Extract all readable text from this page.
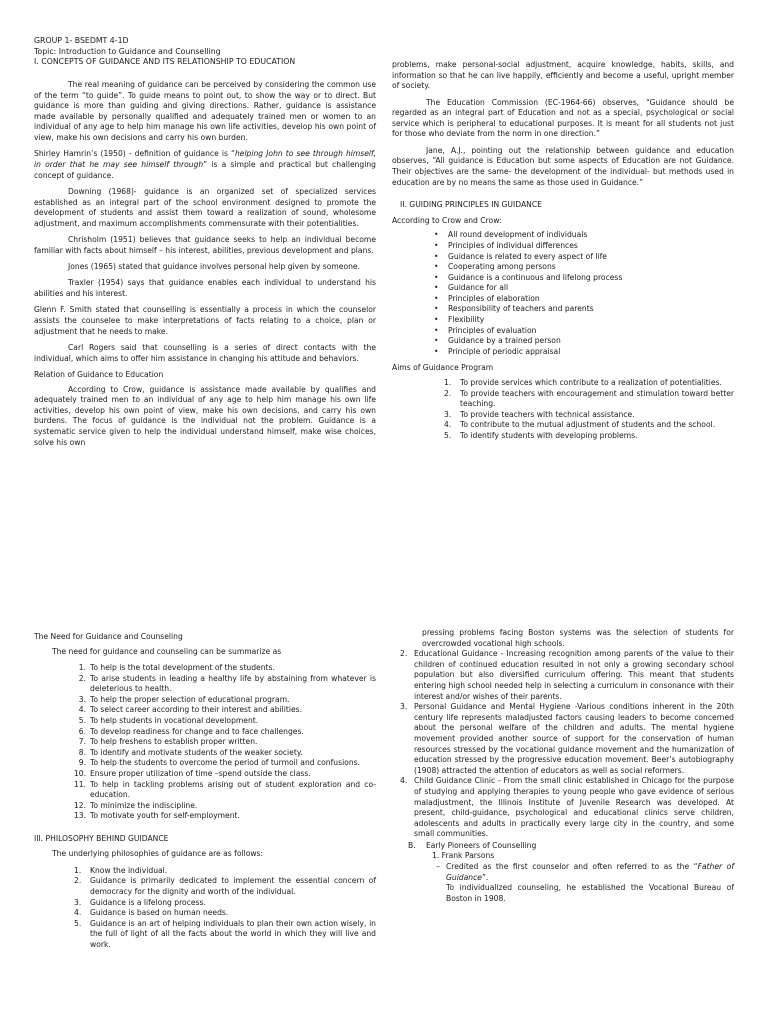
GROUP 1- BSEDMT 4-1D
Topic: Introduction to Guidance and Counselling
I. CONCEPTS OF GUIDANCE AND ITS RELATIONSHIP TO EDUCATION

The real meaning of guidance can be perceived by considering the common use of the term “to guide”. To guide means to point out, to show the way or to direct. But guidance is more than guiding and giving directions. Rather, guidance is assistance made available by personally qualified and adequately trained men or women to an individual of any age to help him manage his own life activities, develop his own point of view, make his own decisions and carry his own burden.

Shirley Hamrin’s (1950) - definition of guidance is “helping John to see through himself, in order that he may see himself through” is a simple and practical but challenging concept of guidance.

Downing (1968)- guidance is an organized set of specialized services established as an integral part of the school environment designed to promote the development of students and assist them toward a realization of sound, wholesome adjustment, and maximum accomplishments commensurate with their potentialities.

Chrisholm (1951) believes that guidance seeks to help an individual become familiar with facts about himself – his interest, abilities, previous development and plans.

Jones (1965) stated that guidance involves personal help given by someone.

Traxler (1954) says that guidance enables each individual to understand his abilities and his interest.

Glenn F. Smith stated that counselling is essentially a process in which the counselor assists the counselee to make interpretations of facts relating to a choice, plan or adjustment that he needs to make.

Carl Rogers said that counselling is a series of direct contacts with the individual, which aims to offer him assistance in changing his attitude and behaviors.

Relation of Guidance to Education

According to Crow, guidance is assistance made available by qualifies and adequately trained men to an individual of any age to help him manage his own life activities, develop his own point of view, make his own decisions, and carry his own burdens. The focus of guidance is the individual not the problem. Guidance is a systematic service given to help the individual understand himself, make wise choices, solve his own

problems, make personal-social adjustment, acquire knowledge, habits, skills, and information so that he can live happily, efficiently and become a useful, upright member of society.

The Education Commission (EC-1964-66) observes, “Guidance should be regarded as an integral part of Education and not as a special, psychological or social service which is peripheral to educational purposes. It is meant for all students not just for those who deviate from the norm in one direction.”

Jane, A.J., pointing out the relationship between guidance and education observes, “All guidance is Education but some aspects of Education are not Guidance. Their objectives are the same- the development of the individual- but methods used in education are by no means the same as those used in Guidance.”

II. GUIDING PRINCIPLES IN GUIDANCE
According to Crow and Crow:
• All round development of individuals
• Principles of individual differences
• Guidance is related to every aspect of life
• Cooperating among persons
• Guidance is a continuous and lifelong process
• Guidance for all
• Principles of elaboration
• Responsibility of teachers and parents
• Flexibility
• Principles of evaluation
• Guidance by a trained person
• Principle of periodic appraisal
Aims of Guidance Program
1. To provide services which contribute to a realization of potentialities.
2. To provide teachers with encouragement and stimulation toward better teaching.
3. To provide teachers with technical assistance.
4. To contribute to the mutual adjustment of students and the school.
5. To identify students with developing problems.
The Need for Guidance and Counseling

The need for guidance and counseling can be summarize as

1. To help is the total development of the students.
2. To arise students in leading a healthy life by abstaining from whatever is deleterious to health.
3. To help the proper selection of educational program.
4. To select career according to their interest and abilities.
5. To help students in vocational development.
6. To develop readiness for change and to face challenges.
7. To help freshens to establish proper written.
8. To identify and motivate students of the weaker society.
9. To help the students to overcome the period of turmoil and confusions.
10. Ensure proper utilization of time –spend outside the class.
11. To help in tackling problems arising out of student exploration and co-education.
12. To minimize the indiscipline.
13. To motivate youth for self-employment.
III. PHILOSOPHY BEHIND GUIDANCE

The underlying philosophies of guidance are as follows:

1. Know the individual.
2. Guidance is primarily dedicated to implement the essential concern of democracy for the dignity and worth of the individual.
3. Guidance is a lifelong process.
4. Guidance is based on human needs.
5. Guidance is an art of helping individuals to plan their own action wisely, in the full of light of all the facts about the world in which they will live and work.
pressing problems facing Boston systems was the selection of students for overcrowded vocational high schools.
2. Educational Guidance - Increasing recognition among parents of the value to their children of continued education resulted in not only a growing secondary school population but also diversified curriculum offering. This meant that students entering high school needed help in selecting a curriculum in consonance with their interest and/or wishes of their parents.
3. Personal Guidance and Mental Hygiene -Various conditions inherent in the 20th century life represents maladjusted factors causing leaders to become concerned about the personal welfare of the children and adults. The mental hygiene movement provided another source of support for the conservation of human resources stressed by the vocational guidance movement and the humanization of education stressed by the progressive education movement. Beer’s autobiography (1908) attracted the attention of educators as well as social reformers.
4. Child Guidance Clinic - From the small clinic established in Chicago for the purpose of studying and applying therapies to young people who gave evidence of serious maladjustment, the Illinois Institute of Juvenile Research was developed. At present, child-guidance, psychological and educational clinics serve children, adolescents and adults in practically every large city in the country, and some small communities.
B. Early Pioneers of Counselling
1. Frank Parsons
– Credited as the first counselor and often referred to as the “Father of Guidance”.
To individualized counseling, he established the Vocational Bureau of Boston in 1908.
